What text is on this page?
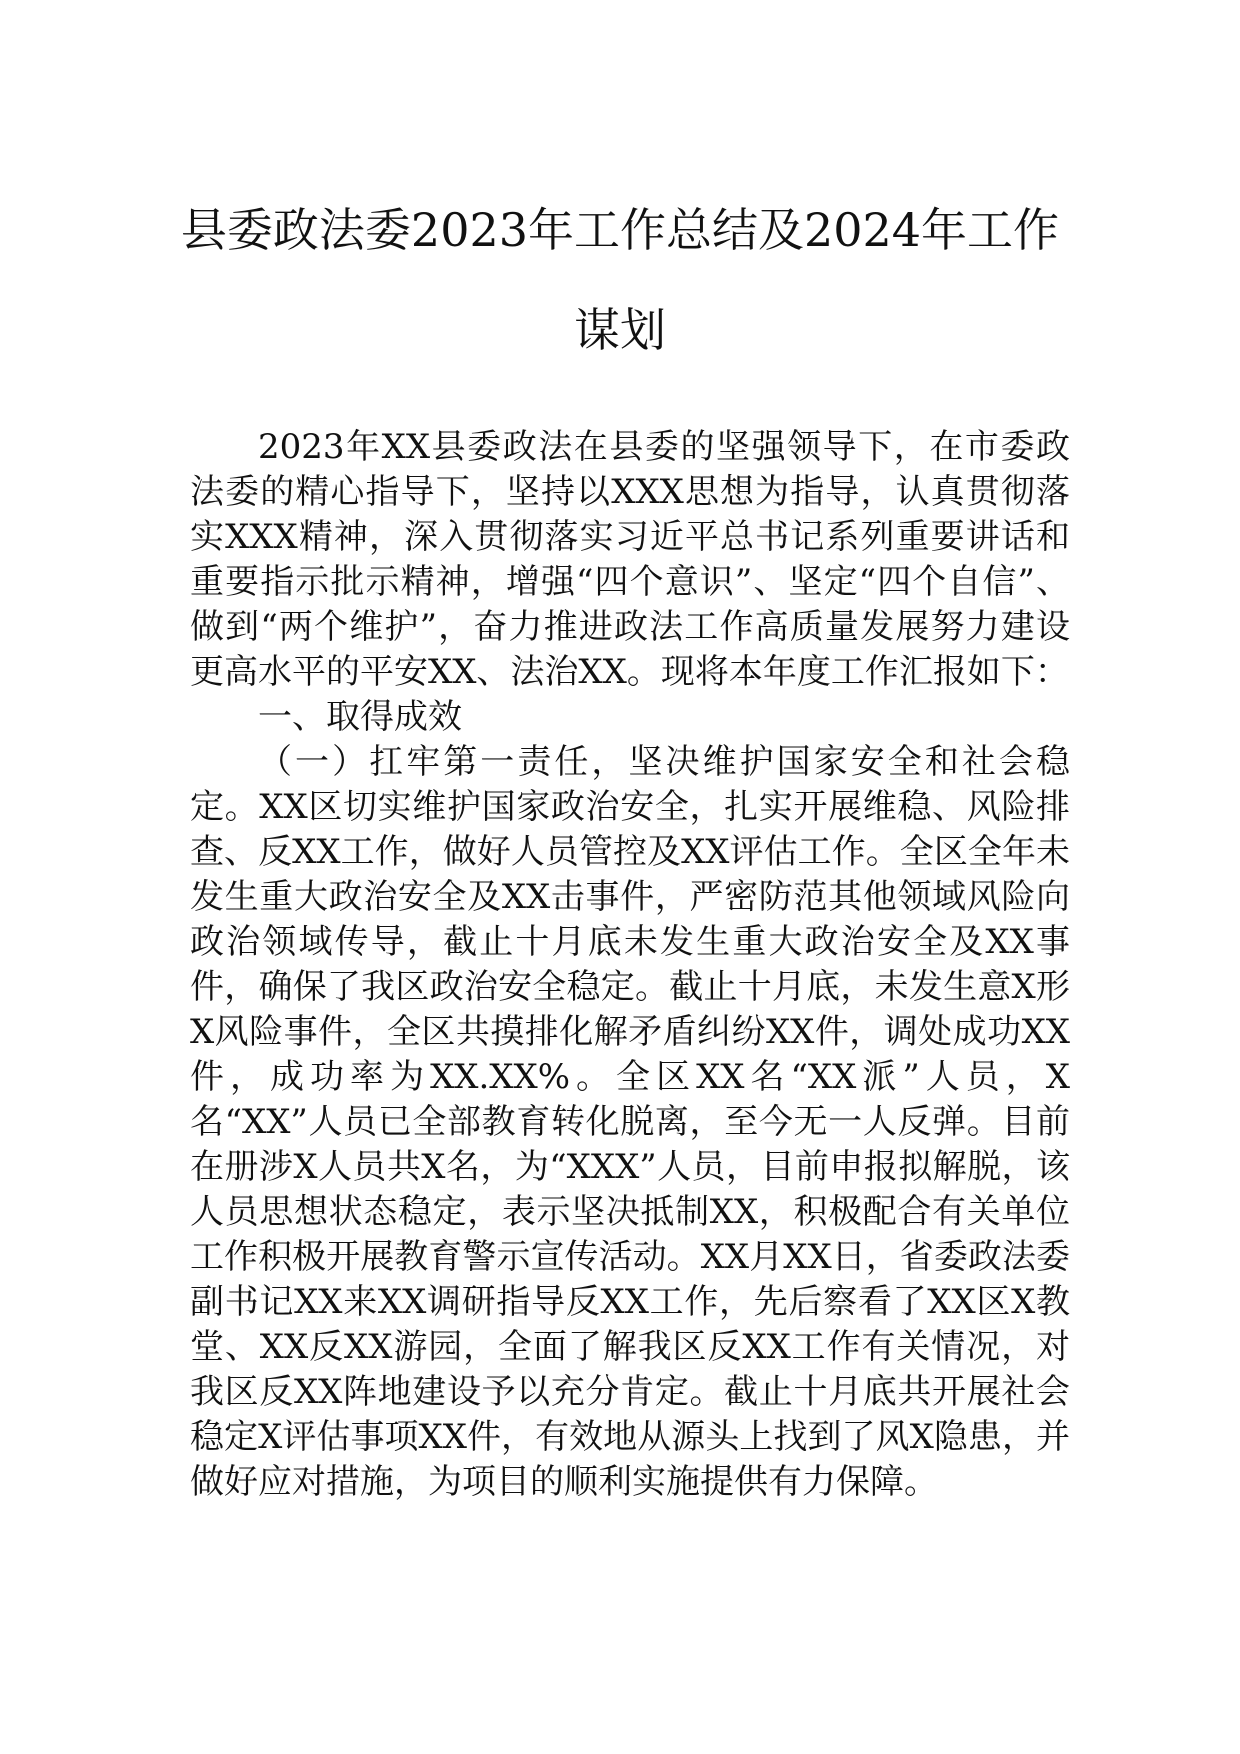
县委政法委2023年工作总结及2024年工作谋划

2023年XX县委政法在县委的坚强领导下，在市委政法委的精心指导下，坚持以XXX思想为指导，认真贯彻落实XXX精神，深入贯彻落实习近平总书记系列重要讲话和重要指示批示精神，增强“四个意识”、坚定“四个自信”、做到“两个维护”，奋力推进政法工作高质量发展努力建设更高水平的平安XX、法治XX。现将本年度工作汇报如下：

一、取得成效

（一）扛牢第一责任，坚决维护国家安全和社会稳定。XX区切实维护国家政治安全，扎实开展维稳、风险排查、反XX工作，做好人员管控及XX评估工作。全区全年未发生重大政治安全及XX击事件，严密防范其他领域风险向政治领域传导，截止十月底未发生重大政治安全及XX事件，确保了我区政治安全稳定。截止十月底，未发生意X形X风险事件，全区共摸排化解矛盾纠纷XX件，调处成功XX件，成功率为XX.XX%。全区XX名“XX派”人员，X名“XX”人员已全部教育转化脱离，至今无一人反弹。目前在册涉X人员共X名，为“XXX”人员，目前申报拟解脱，该人员思想状态稳定，表示坚决抵制XX，积极配合有关单位工作积极开展教育警示宣传活动。XX月XX日，省委政法委副书记XX来XX调研指导反XX工作，先后察看了XX区X教堂、XX反XX游园，全面了解我区反XX工作有关情况，对我区反XX阵地建设予以充分肯定。截止十月底共开展社会稳定X评估事项XX件，有效地从源头上找到了风X隐患，并做好应对措施，为项目的顺利实施提供有力保障。
